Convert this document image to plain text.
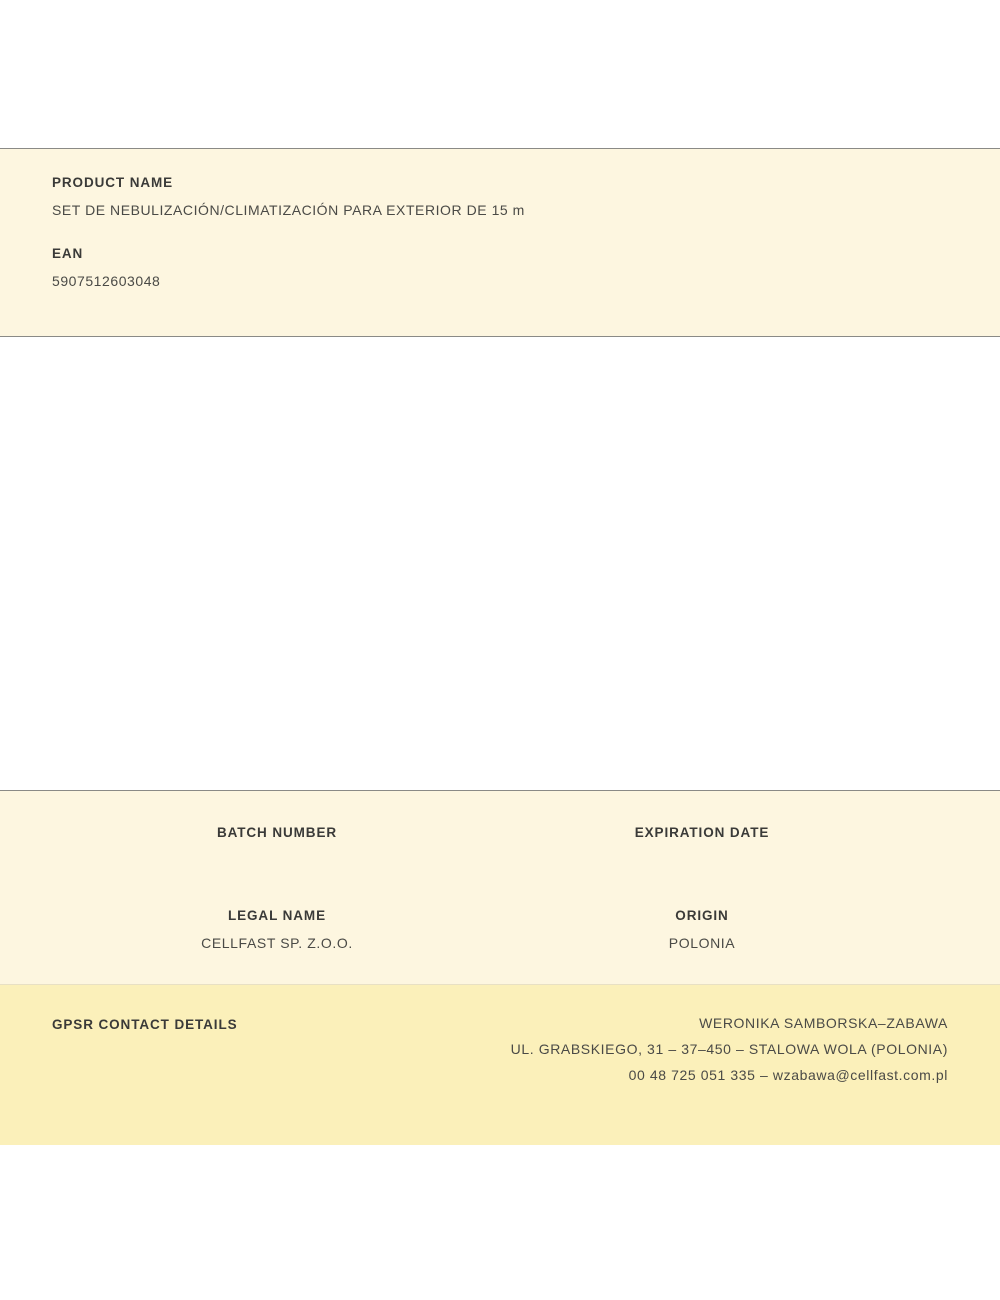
PRODUCT NAME

SET DE NEBULIZACIÓN/CLIMATIZACIÓN PARA EXTERIOR DE 15 m

EAN

5907512603048

BATCH NUMBER	EXPIRATION DATE

LEGAL NAME

CELLFAST SP. Z.O.O.

ORIGIN

POLONIA

GPSR CONTACT DETAILS	WERONIKA SAMBORSKA–ZABAWA

UL. GRABSKIEGO, 31 – 37–450 – STALOWA WOLA (POLONIA)

00 48 725 051 335 – wzabawa@cellfast.com.pl
